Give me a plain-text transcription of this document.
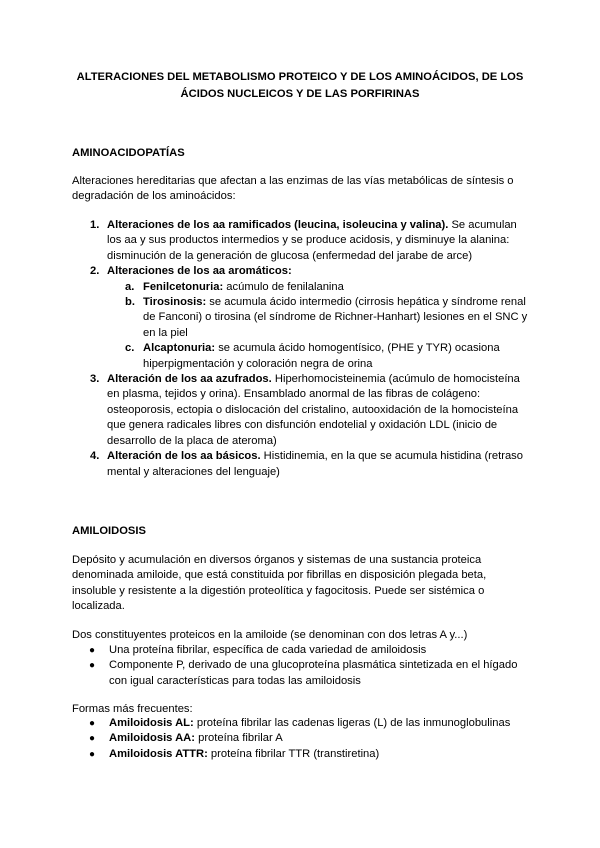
ALTERACIONES DEL METABOLISMO PROTEICO Y DE LOS AMINOÁCIDOS, DE LOS ÁCIDOS NUCLEICOS Y DE LAS PORFIRINAS
AMINOACIDOPATÍAS

Alteraciones hereditarias que afectan a las enzimas de las vías metabólicas de síntesis o degradación de los aminoácidos:

1. Alteraciones de los aa ramificados (leucina, isoleucina y valina). Se acumulan los aa y sus productos intermedios y se produce acidosis, y disminuye la alanina: disminución de la generación de glucosa (enfermedad del jarabe de arce)
2. Alteraciones de los aa aromáticos:
a. Fenilcetonuria: acúmulo de fenilalanina
b. Tirosinosis: se acumula ácido intermedio (cirrosis hepática y síndrome renal de Fanconi) o tirosina (el síndrome de Richner-Hanhart) lesiones en el SNC y en la piel
c. Alcaptonuria: se acumula ácido homogentísico, (PHE y TYR) ocasiona hiperpigmentación y coloración negra de orina
3. Alteración de los aa azufrados. Hiperhomocisteinemia (acúmulo de homocisteína en plasma, tejidos y orina). Ensamblado anormal de las fibras de colágeno: osteoporosis, ectopia o dislocación del cristalino, autooxidación de la homocisteína que genera radicales libres con disfunción endotelial y oxidación LDL (inicio de desarrollo de la placa de ateroma)
4. Alteración de los aa básicos. Histidinemia, en la que se acumula histidina (retraso mental y alteraciones del lenguaje)
AMILOIDOSIS

Depósito y acumulación en diversos órganos y sistemas de una sustancia proteica denominada amiloide, que está constituida por fibrillas en disposición plegada beta, insoluble y resistente a la digestión proteolítica y fagocitosis. Puede ser sistémica o localizada.

Dos constituyentes proteicos en la amiloide (se denominan con dos letras A y...)

● Una proteína fibrilar, específica de cada variedad de amiloidosis
● Componente P, derivado de una glucoproteína plasmática sintetizada en el hígado con igual características para todas las amiloidosis

Formas más frecuentes:

● Amiloidosis AL: proteína fibrilar las cadenas ligeras (L) de las inmunoglobulinas
● Amiloidosis AA: proteína fibrilar A
● Amiloidosis ATTR: proteína fibrilar TTR (transtiretina)
